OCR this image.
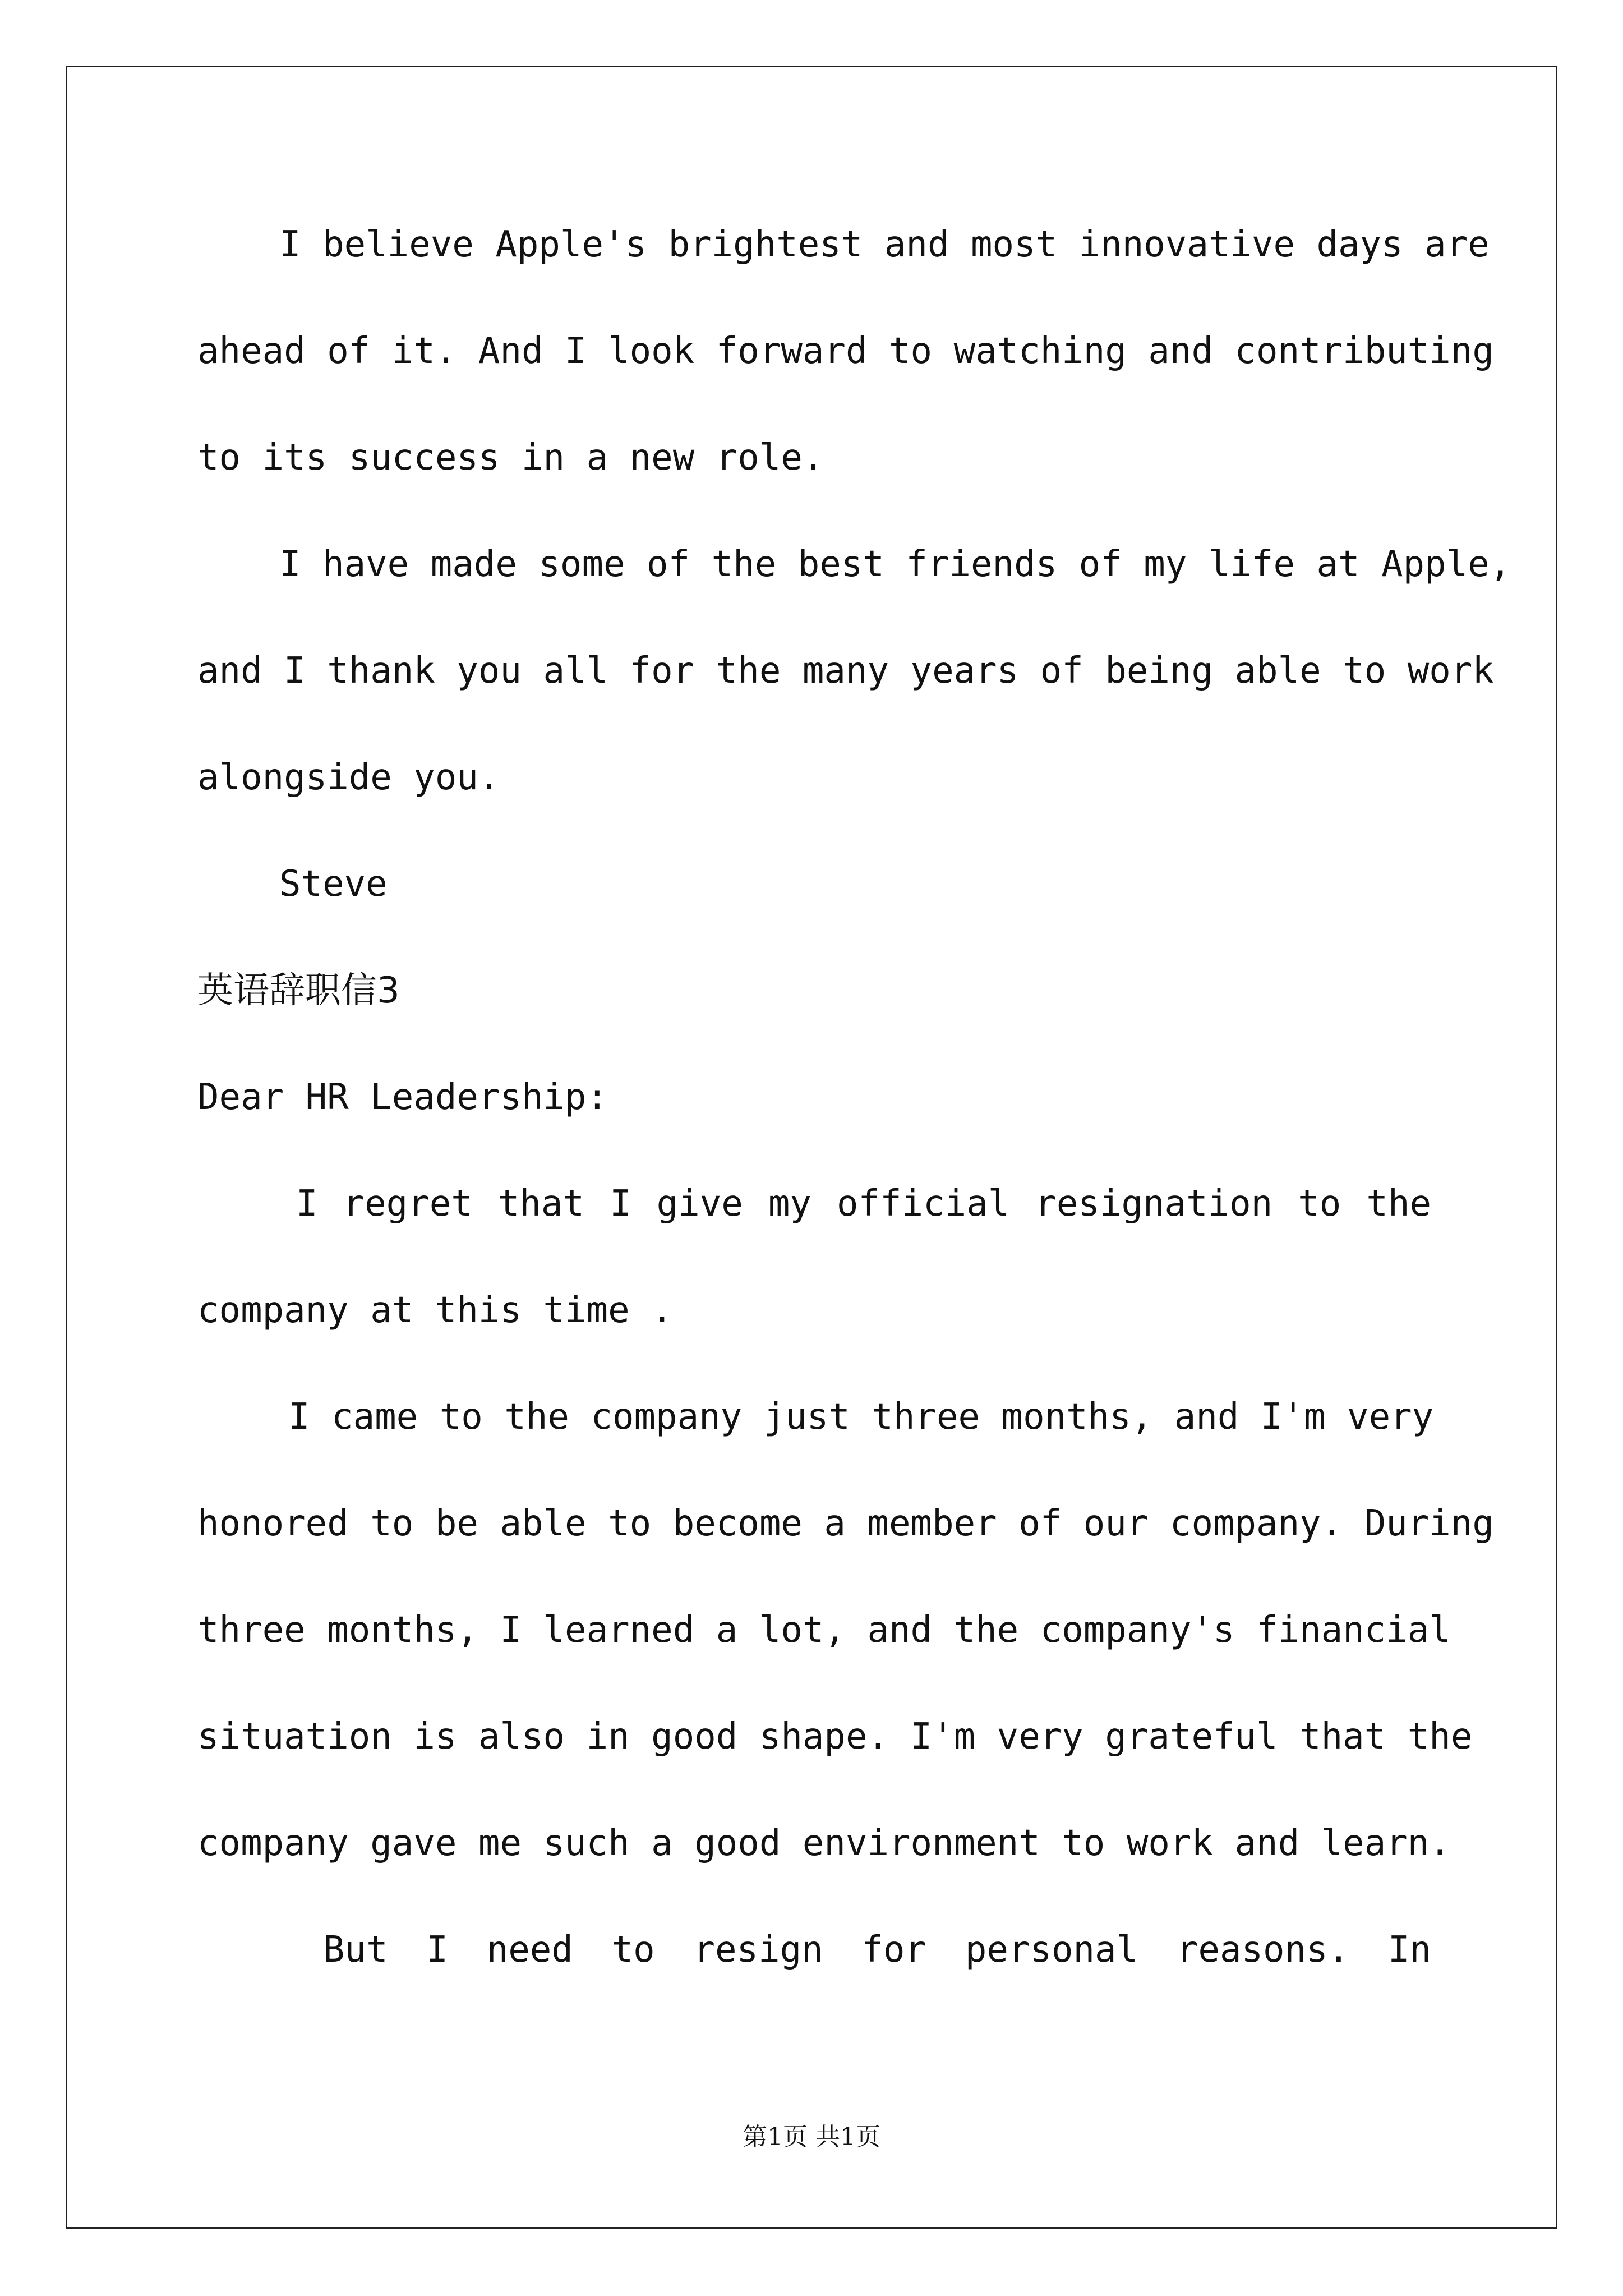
I believe Apple's brightest and most innovative days are
ahead of it. And I look forward to watching and contributing
to its success in a new role.
I have made some of the best friends of my life at Apple,
and I thank you all for the many years of being able to work
alongside you.
Steve
英语辞职信3
Dear HR Leadership:
I regret that I give my official resignation to the
company at this time .
I came to the company just three months, and I'm very
honored to be able to become a member of our company. During
three months, I learned a lot, and the company's financial
situation is also in good shape. I'm very grateful that the
company gave me such a good environment to work and learn.
But I need to resign for personal reasons. In
第1页 共1页
